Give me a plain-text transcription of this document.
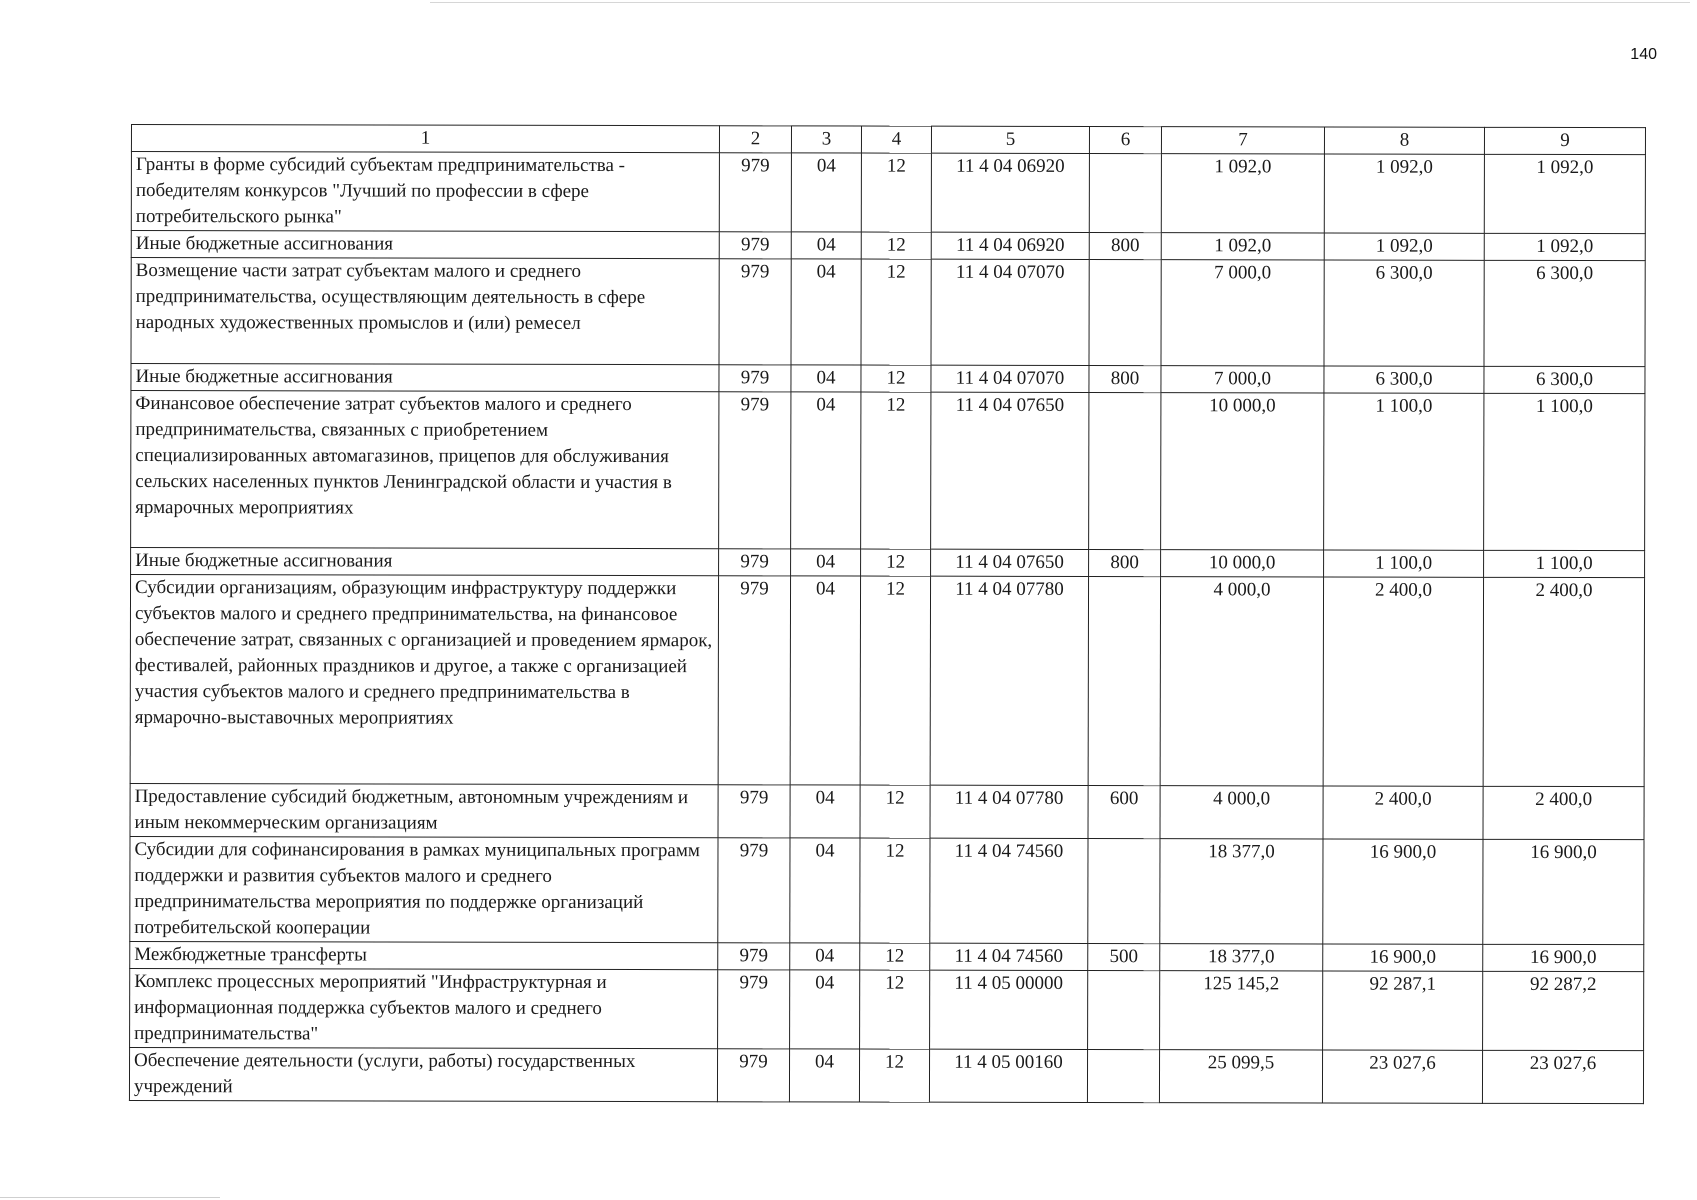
140
1	2	3	4	5	6	7	8	9
Гранты в форме субсидий субъектам предпринимательства - победителям конкурсов "Лучший по профессии в сфере потребительского рынка"	979	04	12	11 4 04 06920		1 092,0	1 092,0	1 092,0
Иные бюджетные ассигнования	979	04	12	11 4 04 06920	800	1 092,0	1 092,0	1 092,0
Возмещение части затрат субъектам малого и среднего предпринимательства, осуществляющим деятельность в сфере народных художественных промыслов и (или) ремесел	979	04	12	11 4 04 07070		7 000,0	6 300,0	6 300,0
Иные бюджетные ассигнования	979	04	12	11 4 04 07070	800	7 000,0	6 300,0	6 300,0
Финансовое обеспечение затрат субъектов малого и среднего предпринимательства, связанных с приобретением специализированных автомагазинов, прицепов для обслуживания сельских населенных пунктов Ленинградской области и участия в ярмарочных мероприятиях	979	04	12	11 4 04 07650		10 000,0	1 100,0	1 100,0
Иные бюджетные ассигнования	979	04	12	11 4 04 07650	800	10 000,0	1 100,0	1 100,0
Субсидии организациям, образующим инфраструктуру поддержки субъектов малого и среднего предпринимательства, на финансовое обеспечение затрат, связанных с организацией и проведением ярмарок, фестивалей, районных праздников и другое, а также с организацией участия субъектов малого и среднего предпринимательства в ярмарочно-выставочных мероприятиях	979	04	12	11 4 04 07780		4 000,0	2 400,0	2 400,0
Предоставление субсидий бюджетным, автономным учреждениям и иным некоммерческим организациям	979	04	12	11 4 04 07780	600	4 000,0	2 400,0	2 400,0
Субсидии для софинансирования в рамках муниципальных программ поддержки и развития субъектов малого и среднего предпринимательства мероприятия по поддержке организаций потребительской кооперации	979	04	12	11 4 04 74560		18 377,0	16 900,0	16 900,0
Межбюджетные трансферты	979	04	12	11 4 04 74560	500	18 377,0	16 900,0	16 900,0
Комплекс процессных мероприятий "Инфраструктурная и информационная поддержка субъектов малого и среднего предпринимательства"	979	04	12	11 4 05 00000		125 145,2	92 287,1	92 287,2
Обеспечение деятельности (услуги, работы) государственных учреждений	979	04	12	11 4 05 00160		25 099,5	23 027,6	23 027,6
